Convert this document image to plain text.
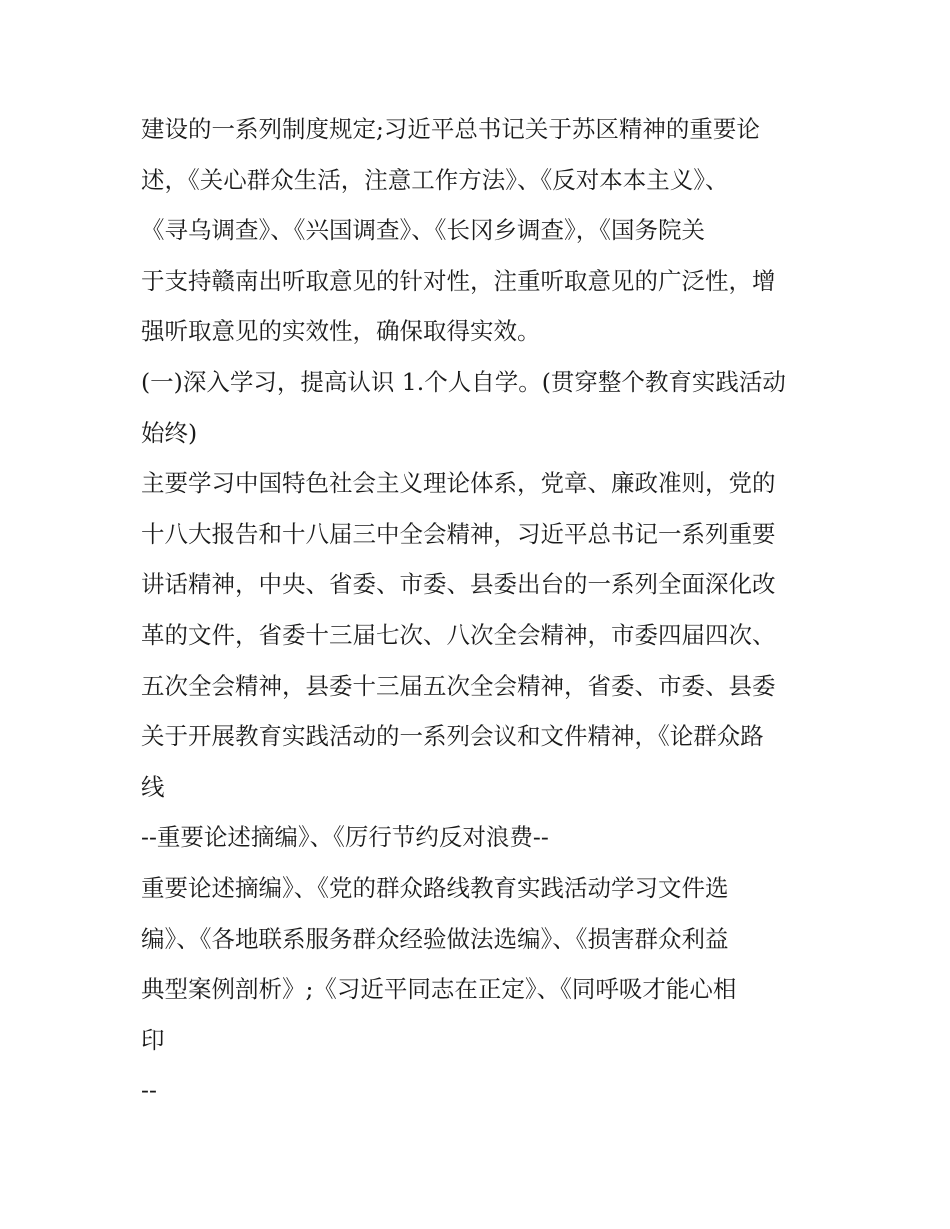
建设的一系列制度规定;习近平总书记关于苏区精神的重要论
述，《关心群众生活，注意工作方法》、《反对本本主义》、
《寻乌调查》、《兴国调查》、《长冈乡调查》，《国务院关
于支持赣南出听取意见的针对性，注重听取意见的广泛性，增
强听取意见的实效性，确保取得实效。
(一)深入学习，提高认识 1.个人自学。(贯穿整个教育实践活动
始终)
主要学习中国特色社会主义理论体系，党章、廉政准则，党的
十八大报告和十八届三中全会精神，习近平总书记一系列重要
讲话精神，中央、省委、市委、县委出台的一系列全面深化改
革的文件，省委十三届七次、八次全会精神，市委四届四次、
五次全会精神，县委十三届五次全会精神，省委、市委、县委
关于开展教育实践活动的一系列会议和文件精神，《论群众路
线
--重要论述摘编》、《厉行节约反对浪费--
重要论述摘编》、《党的群众路线教育实践活动学习文件选
编》、《各地联系服务群众经验做法选编》、《损害群众利益
典型案例剖析》;《习近平同志在正定》、《同呼吸才能心相
印
--
